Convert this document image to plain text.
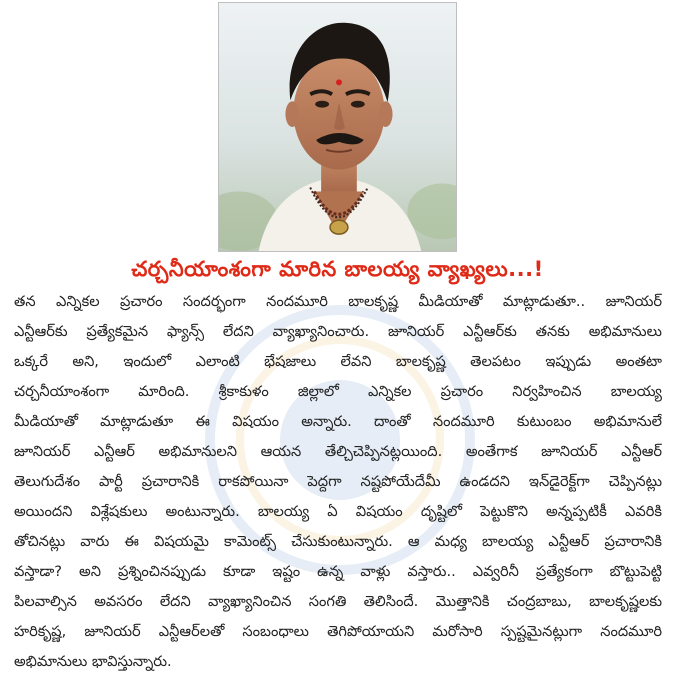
చర్చనీయాంశంగా మారిన బాలయ్య వ్యాఖ్యలు...!
తన ఎన్నికల ప్రచారం సందర్భంగా నందమూరి బాలకృష్ణ మీడియాతో మాట్లాడుతూ.. జూనియర్
ఎన్టీఆర్‌కు ప్రత్యేకమైన ఫ్యాన్స్ లేదని వ్యాఖ్యానించారు. జూనియర్ ఎన్టీఆర్‌కు తనకు అభిమానులు
ఒక్కరే అని, ఇందులో ఎలాంటి భేషజాలు లేవని బాలకృష్ణ తెలపటం ఇప్పుడు అంతటా
చర్చనీయాంశంగా మారింది. శ్రీకాకుళం జిల్లాలో ఎన్నికల ప్రచారం నిర్వహించిన బాలయ్య
మీడియాతో మాట్లాడుతూ ఈ విషయం అన్నారు. దాంతో నందమూరి కుటుంబం అభిమానులే
జూనియర్ ఎన్టీఆర్ అభిమానులని ఆయన తేల్చిచెప్పినట్లయింది. అంతేగాక జూనియర్ ఎన్టీఆర్
తెలుగుదేశం పార్టీ ప్రచారానికి రాకపోయినా పెద్దగా నష్టపోయేదేమీ ఉండదని ఇన్‌డైరెక్ట్‌గా చెప్పినట్లు
అయిందని విశ్లేషకులు అంటున్నారు. బాలయ్య ఏ విషయం దృష్టిలో పెట్టుకొని అన్నప్పటికీ ఎవరికి
తోచినట్లు వారు ఈ విషయమై కామెంట్స్ చేసుకుంటున్నారు. ఆ మధ్య బాలయ్య ఎన్టీఆర్ ప్రచారానికి
వస్తాడా? అని ప్రశ్నించినప్పుడు కూడా ఇష్టం ఉన్న వాళ్లు వస్తారు.. ఎవ్వరినీ ప్రత్యేకంగా బొట్టుపెట్టి
పిలవాల్సిన అవసరం లేదని వ్యాఖ్యానించిన సంగతి తెలిసిందే. మొత్తానికి చంద్రబాబు, బాలకృష్ణలకు
హరికృష్ణ, జూనియర్ ఎన్టీఆర్‌లతో సంబంధాలు తెగిపోయాయని మరోసారి స్పష్టమైనట్లుగా నందమూరి
అభిమానులు భావిస్తున్నారు.
